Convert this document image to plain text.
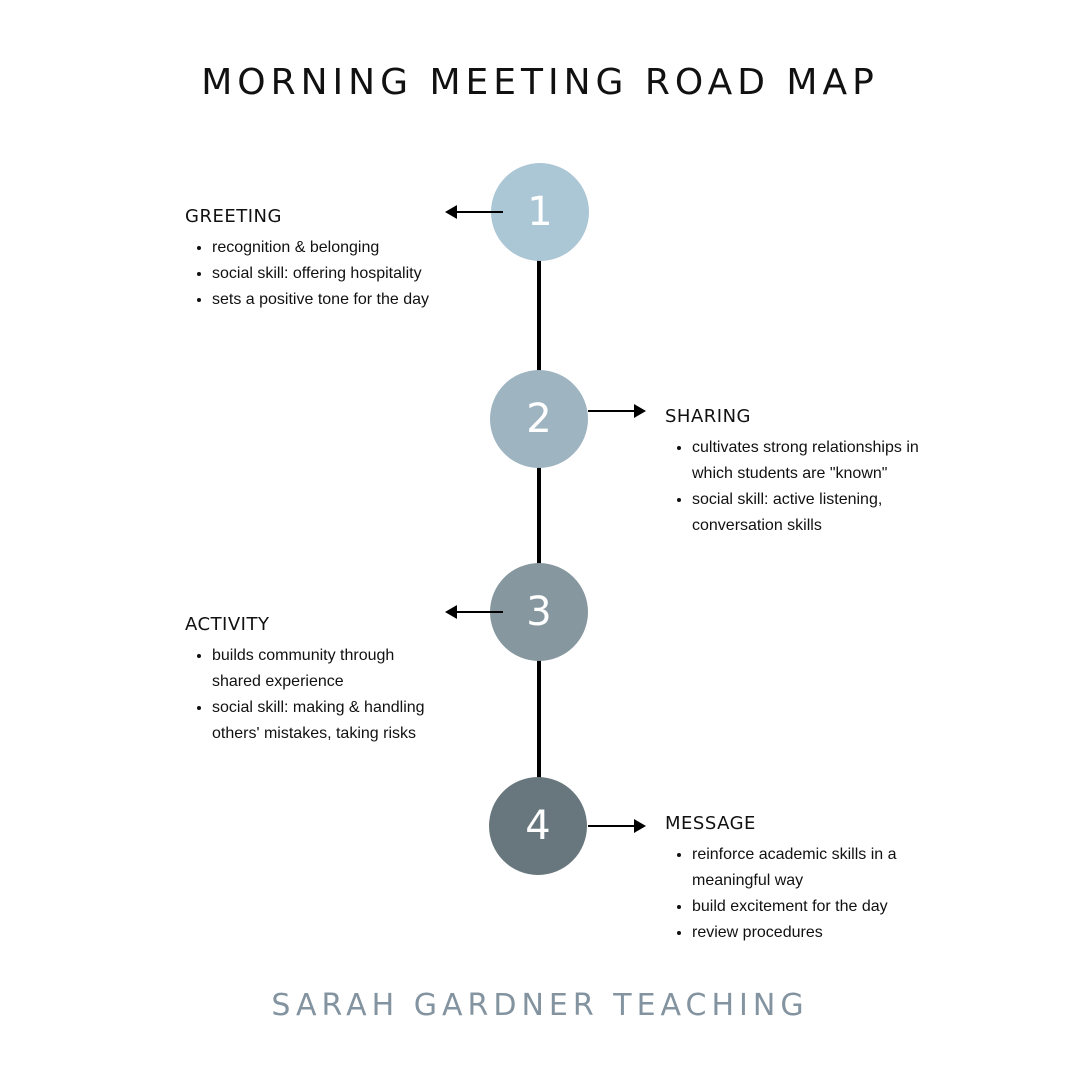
MORNING MEETING ROAD MAP
1
2
3
4
GREETING
• recognition & belonging
• social skill: offering hospitality
• sets a positive tone for the day
SHARING
• cultivates strong relationships in which students are "known"
• social skill: active listening, conversation skills
ACTIVITY
• builds community through shared experience
• social skill: making & handling others' mistakes, taking risks
MESSAGE
• reinforce academic skills in a meaningful way
• build excitement for the day
• review procedures
SARAH GARDNER TEACHING
